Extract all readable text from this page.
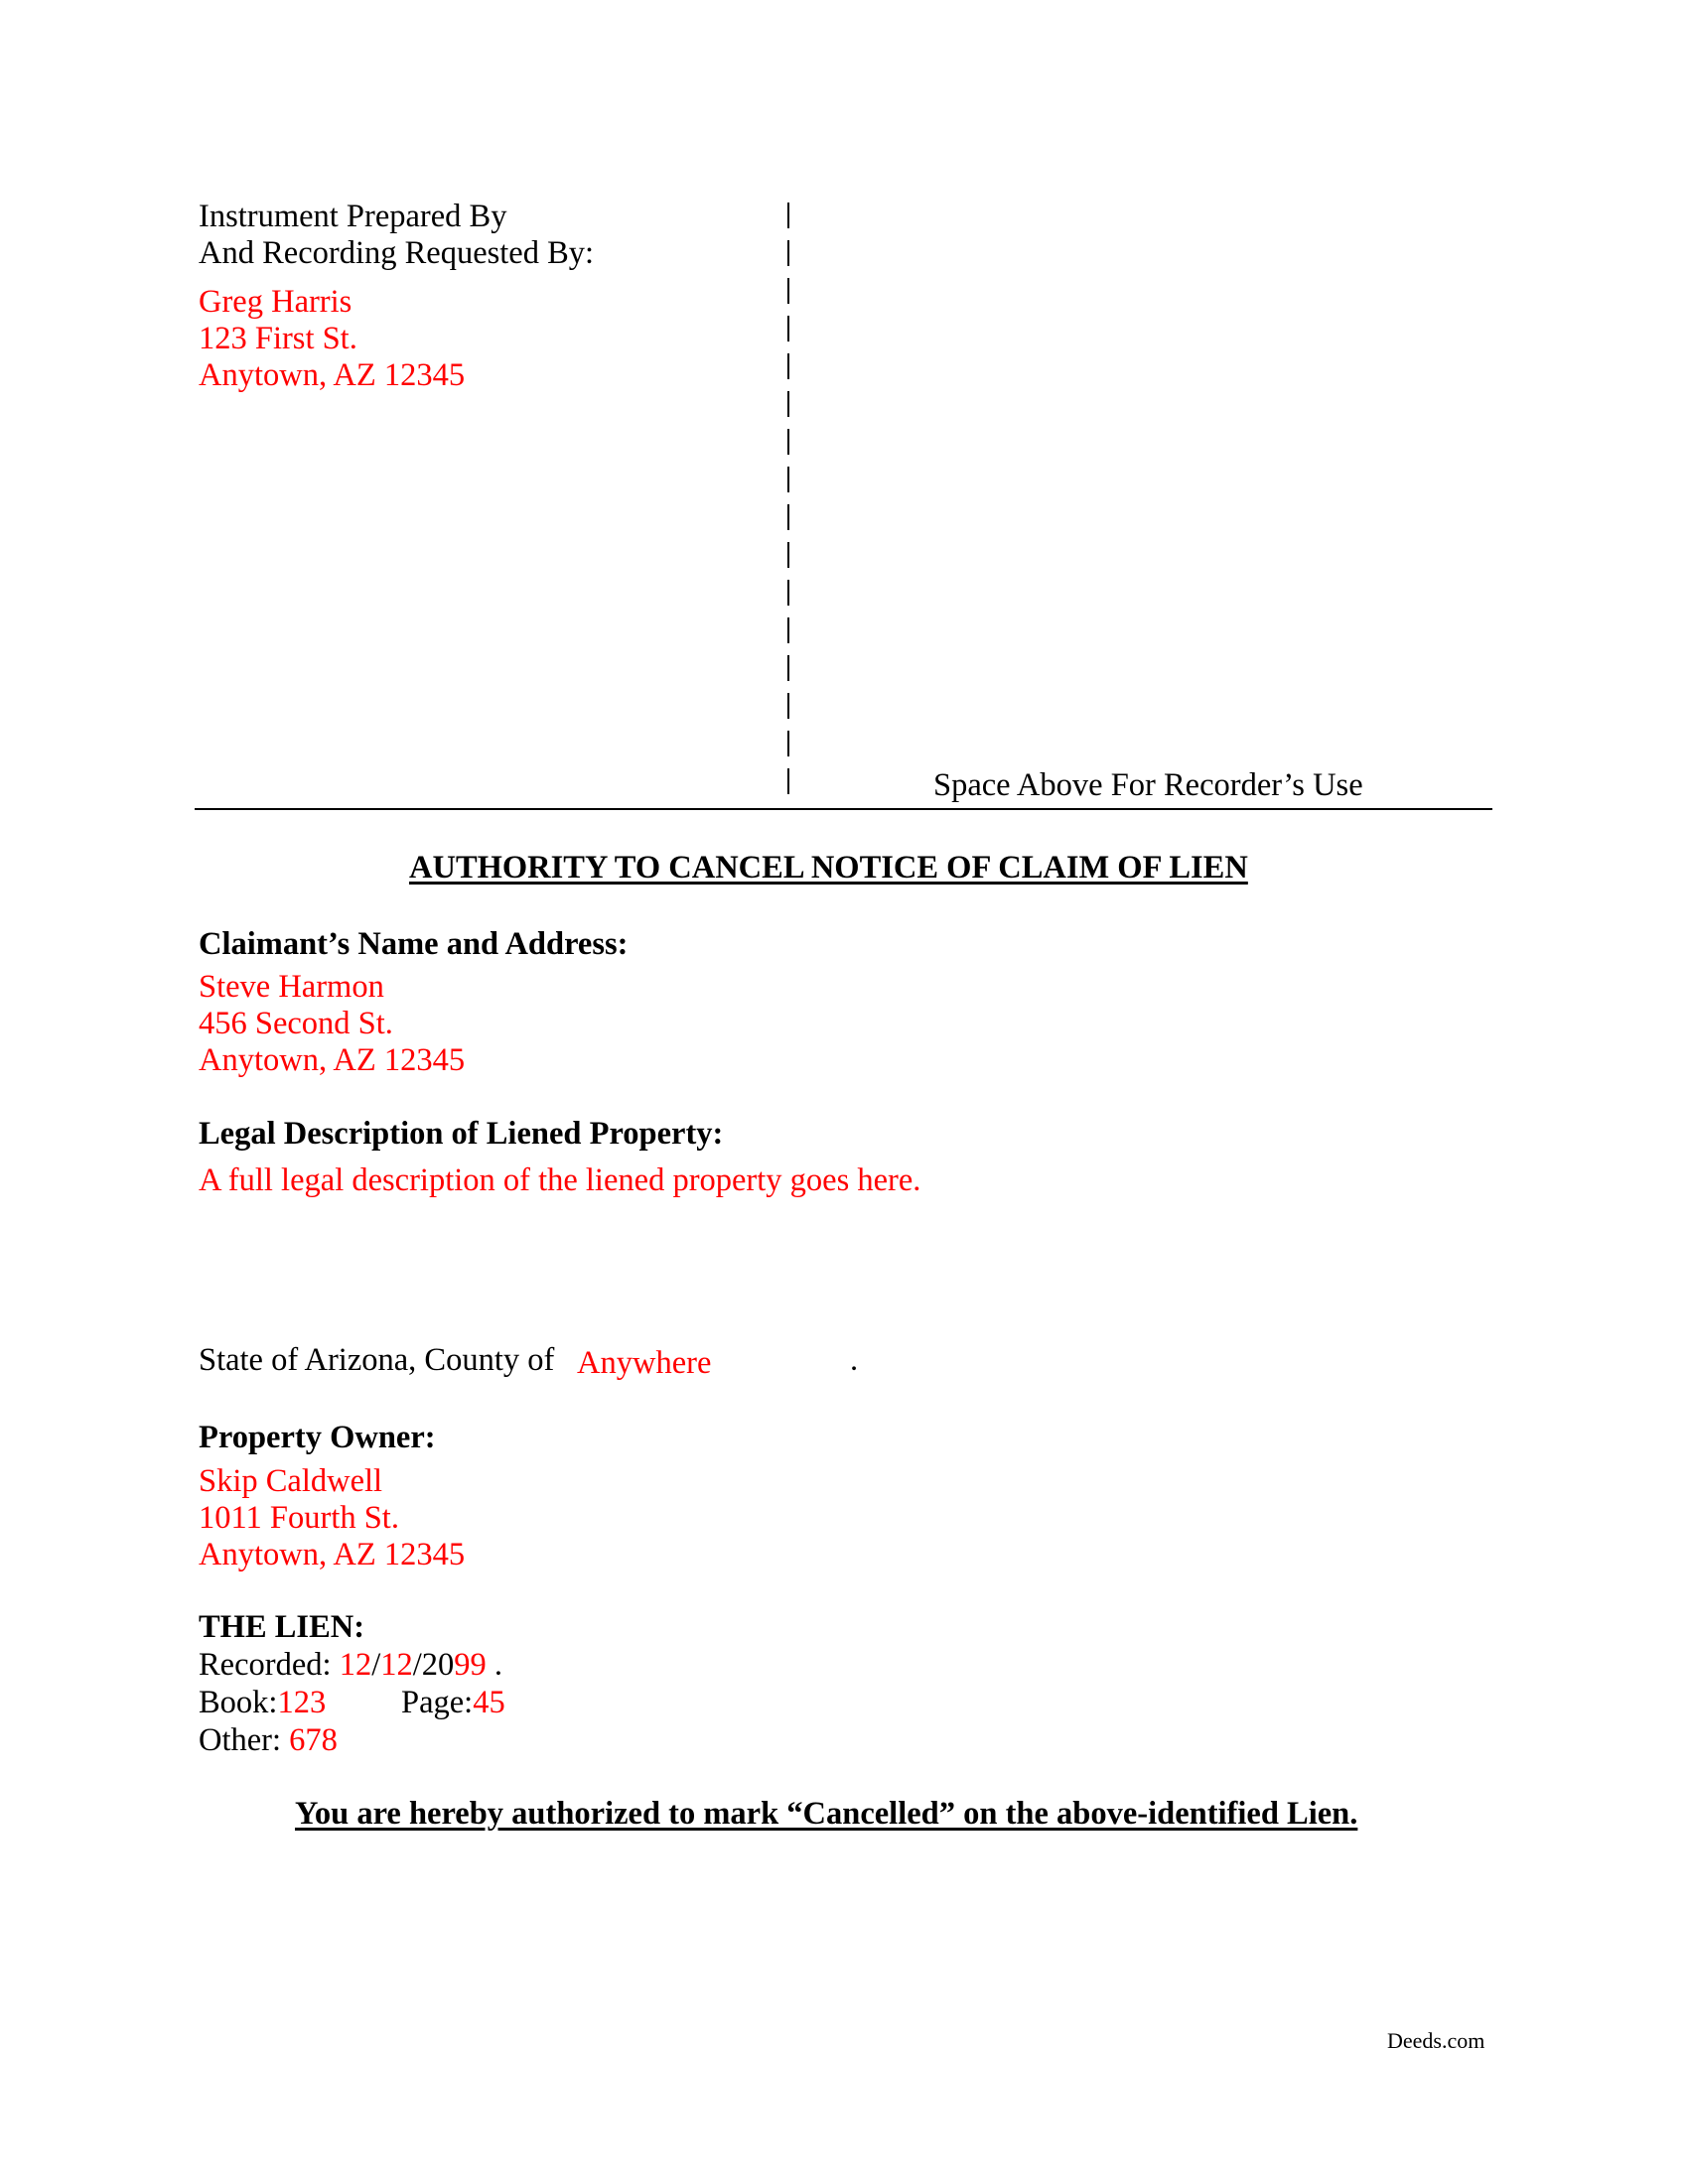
Instrument Prepared By
And Recording Requested By:
Greg Harris
123 First St.
Anytown, AZ 12345
Space Above For Recorder’s Use
AUTHORITY TO CANCEL NOTICE OF CLAIM OF LIEN
Claimant’s Name and Address:
Steve Harmon
456 Second St.
Anytown, AZ 12345
Legal Description of Liened Property:
A full legal description of the liened property goes here.
State of Arizona, County of Anywhere	.
Property Owner:
Skip Caldwell
1011 Fourth St.
Anytown, AZ 12345
THE LIEN:
Recorded: 12/12/2099 .
Book:123 Page:45
Other: 678
You are hereby authorized to mark “Cancelled” on the above-identified Lien.
Deeds.com
